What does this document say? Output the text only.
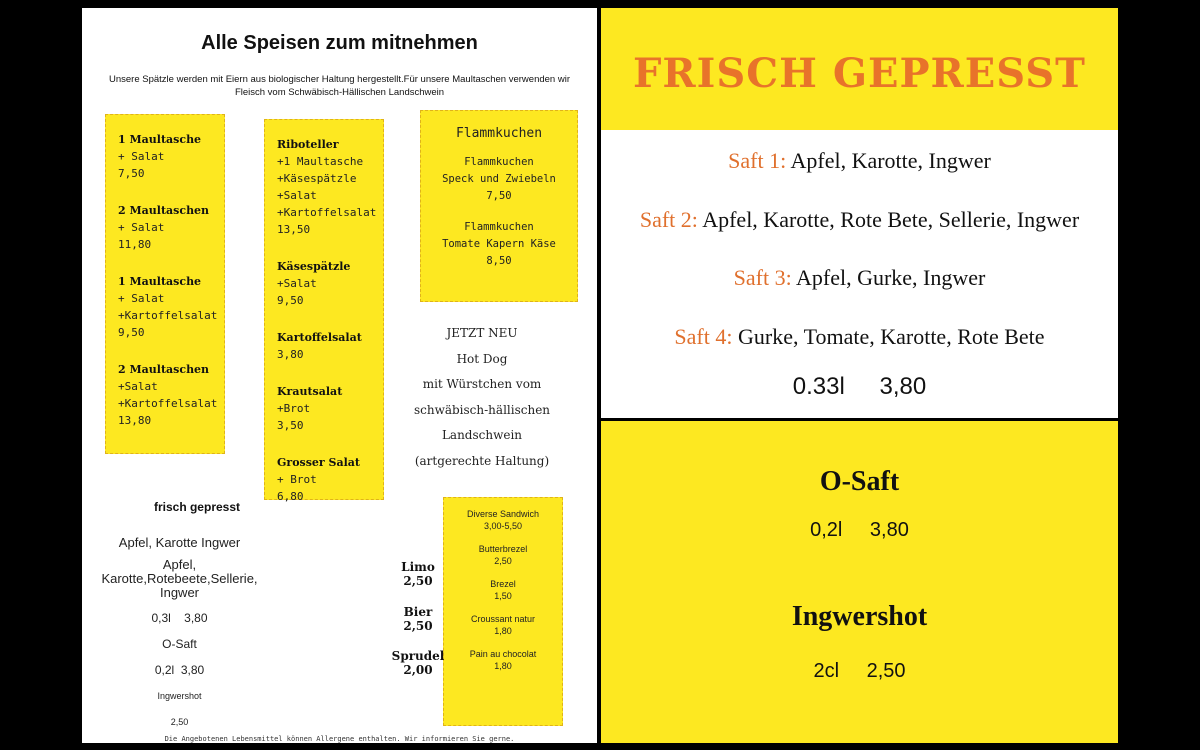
Alle Speisen zum mitnehmen

Unsere Spätzle werden mit Eiern aus biologischer Haltung hergestellt.Für unsere Maultaschen verwenden wir Fleisch vom Schwäbisch-Hällischen Landschwein

1 Maultasche
+ Salat
7,50
2 Maultaschen
+ Salat
11,80
1 Maultasche
+ Salat
+Kartoffelsalat
9,50
2 Maultaschen
+Salat
+Kartoffelsalat
13,80
Riboteller
+1 Maultasche
+Käsespätzle
+Salat
+Kartoffelsalat
13,50
Käsespätzle
+Salat
9,50
Kartoffelsalat
3,80
Krautsalat
+Brot
3,50
Grosser Salat
+ Brot
6,80
Flammkuchen
Flammkuchen
Speck und Zwiebeln
7,50
Flammkuchen
Tomate Kapern Käse
8,50
JETZT NEU
Hot Dog
mit Würstchen vom
schwäbisch-hällischen
Landschwein
(artgerechte Haltung)
Diverse Sandwich
3,00-5,50
Butterbrezel
2,50
Brezel
1,50
Croussant natur
1,80
Pain au chocolat
1,80
frisch gepresst
Apfel, Karotte Ingwer
Apfel, Karotte,Rotebeete,Sellerie,
Ingwer
0,3l    3,80
O-Saft
0,2l  3,80
Ingwershot
2,50
Limo
2,50
Bier
2,50
Sprudel
2,00
Die Angebotenen Lebensmittel können Allergene enthalten. Wir informieren Sie gerne.
FRISCH GEPRESST
Saft 1: Apfel, Karotte, Ingwer
Saft 2: Apfel, Karotte, Rote Bete, Sellerie, Ingwer
Saft 3: Apfel, Gurke, Ingwer
Saft 4: Gurke, Tomate, Karotte, Rote Bete
0.33l 3,80
O-Saft
0,2l 3,80
Ingwershot
2cl 2,50
